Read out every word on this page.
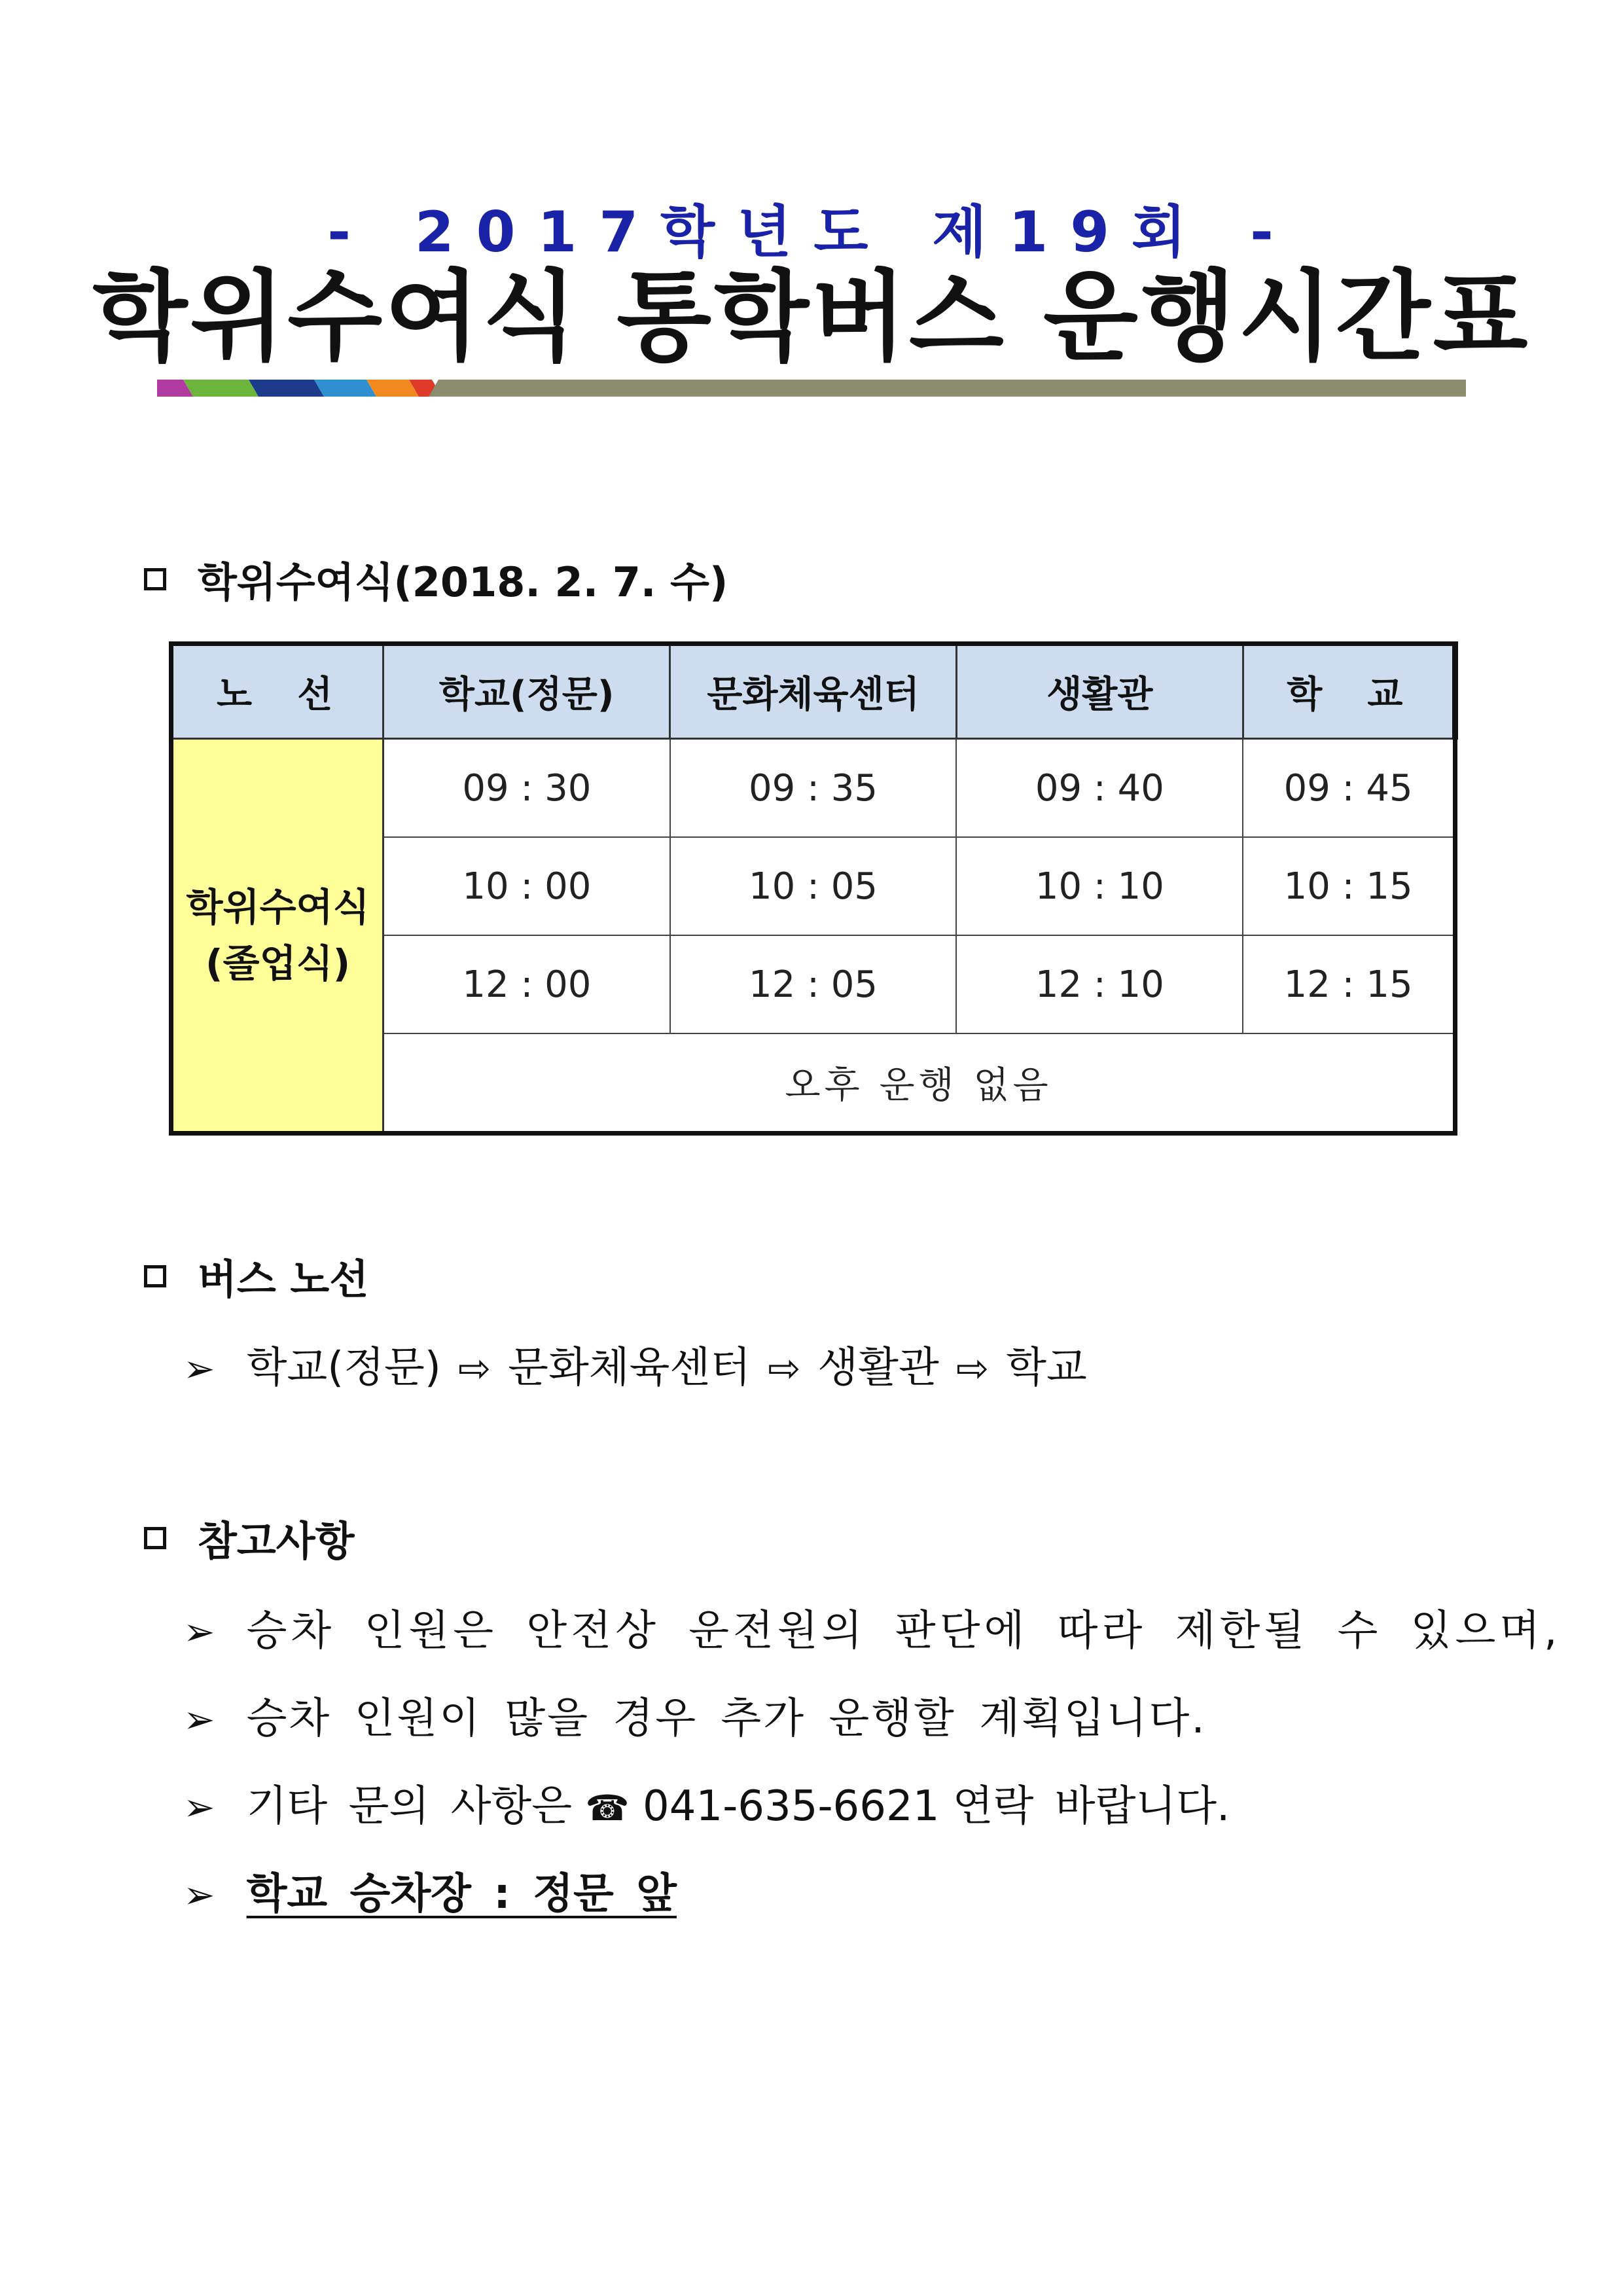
- 2017학년도 제19회 -
학위수여식 통학버스 운행시간표
학위수여식(2018. 2. 7. 수)
노  선	학교(정문)	문화체육센터	생활관	학  교

학위수여식
(졸업식)	09 : 30	09 : 35	09 : 40	09 : 45
	10 : 00	10 : 05	10 : 10	10 : 15
	12 : 00	12 : 05	12 : 10	12 : 15
	오후 운행 없음			
버스 노선
➢ 학교(정문) ⇨ 문화체육센터 ⇨ 생활관 ⇨ 학교
참고사항
➢ 승차 인원은 안전상 운전원의 판단에 따라 제한될 수 있으며,
➢ 승차 인원이 많을 경우 추가 운행할 계획입니다.
➢ 기타 문의 사항은 ☎ 041-635-6621 연락 바랍니다.
➢ 학교 승차장 : 정문 앞
